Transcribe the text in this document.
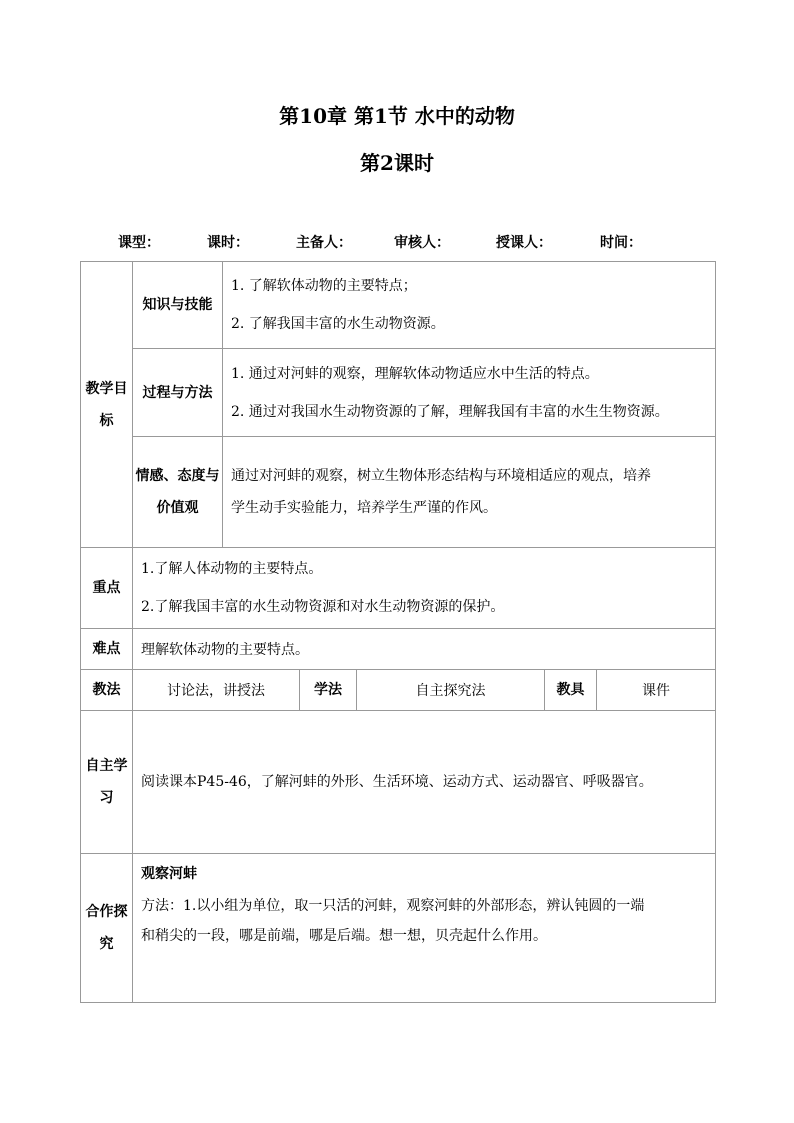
第10章 第1节 水中的动物
第2课时
课型：	课时：	主备人：	审核人：	授课人：	时间：
教学目标	知识与技能	1. 了解软体动物的主要特点；

2. 了解我国丰富的水生动物资源。				

	过程与方法	1. 通过对河蚌的观察，理解软体动物适应水中生活的特点。

2. 通过对我国水生动物资源的了解，理解我国有丰富的水生生物资源。				

	情感、态度与价值观	通过对河蚌的观察，树立生物体形态结构与环境相适应的观点，培养

学生动手实验能力，培养学生严谨的作风。				

重点	1.了解人体动物的主要特点。

2.了解我国丰富的水生动物资源和对水生动物资源的保护。					

难点	理解软体动物的主要特点。					
教法	讨论法，讲授法		学法	自主探究法	教具	课件
自主学习	阅读课本P45-46，了解河蚌的外形、生活环境、运动方式、运动器官、呼吸器官。					

合作探究	观察河蚌

方法：1.以小组为单位，取一只活的河蚌，观察河蚌的外部形态，辨认钝圆的一端

和稍尖的一段，哪是前端，哪是后端。想一想，贝壳起什么作用。					
